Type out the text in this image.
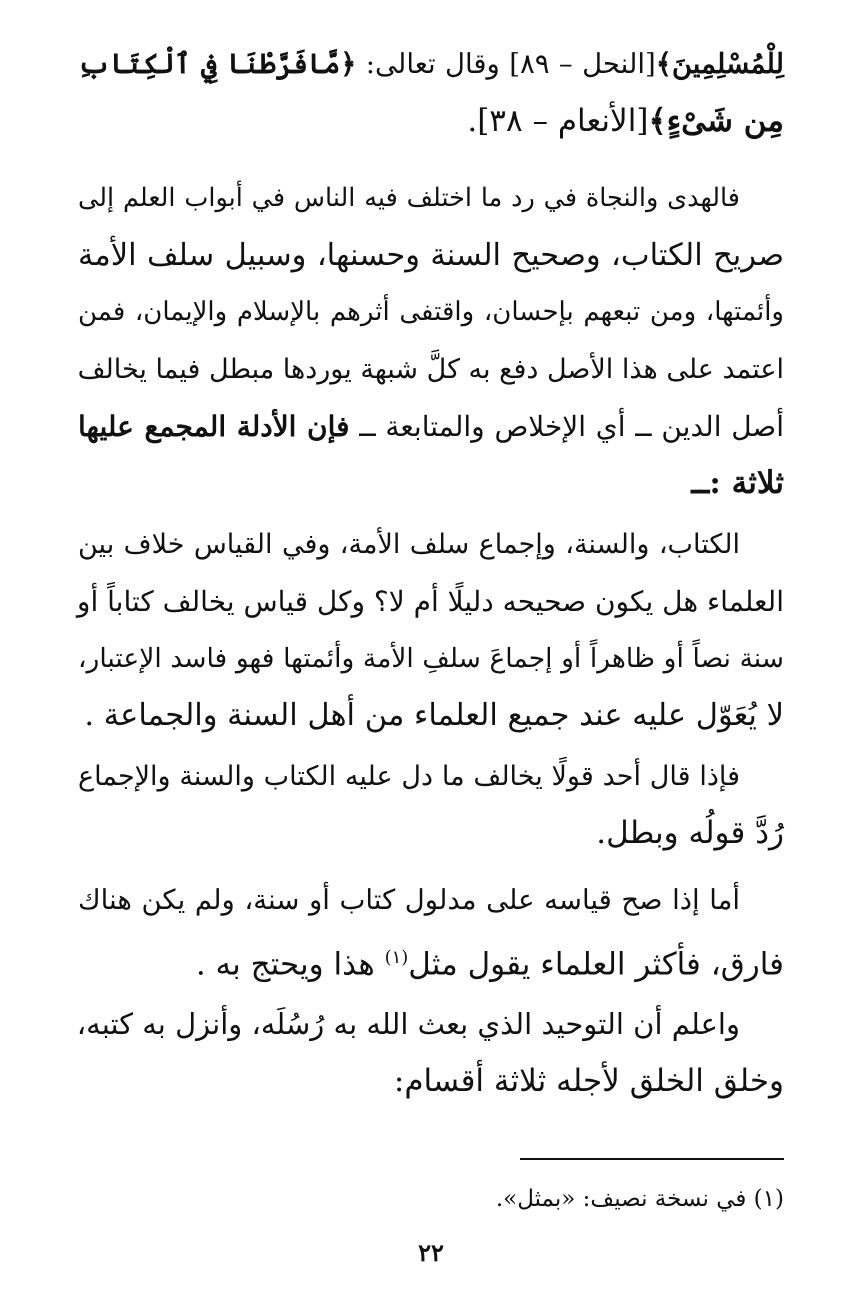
لِلْمُسْلِمِينَ﴾[النحل – ٨٩] وقال تعالى: ﴿مَّافَرَّطْنَا فِي ٱلْكِتَابِ
مِن شَىْءٍ﴾[الأنعام – ٣٨].
فالهدى والنجاة في رد ما اختلف فيه الناس في أبواب العلم إلى
صريح الكتاب، وصحيح السنة وحسنها، وسبيل سلف الأمة
وأئمتها، ومن تبعهم بإحسان، واقتفى أثرهم بالإسلام والإيمان، فمن
اعتمد على هذا الأصل دفع به كلَّ شبهة يوردها مبطل فيما يخالف
أصل الدين ــ أي الإخلاص والمتابعة ــ فإن الأدلة المجمع عليها
ثلاثة :ــ
الكتاب، والسنة، وإجماع سلف الأمة، وفي القياس خلاف بين
العلماء هل يكون صحيحه دليلًا أم لا؟ وكل قياس يخالف كتاباً أو
سنة نصاً أو ظاهراً أو إجماعَ سلفِ الأمة وأئمتها فهو فاسد الإعتبار،
لا يُعَوّل عليه عند جميع العلماء من أهل السنة والجماعة .
فإذا قال أحد قولًا يخالف ما دل عليه الكتاب والسنة والإجماع
رُدَّ قولُه وبطل.
أما إذا صح قياسه على مدلول كتاب أو سنة، ولم يكن هناك
فارق، فأكثر العلماء يقول مثل$^{(١)}$ هذا ويحتج به .
واعلم أن التوحيد الذي بعث الله به رُسُلَه، وأنزل به كتبه،
وخلق الخلق لأجله ثلاثة أقسام:
(١) في نسخة نصيف: «بمثل».
٢٢
